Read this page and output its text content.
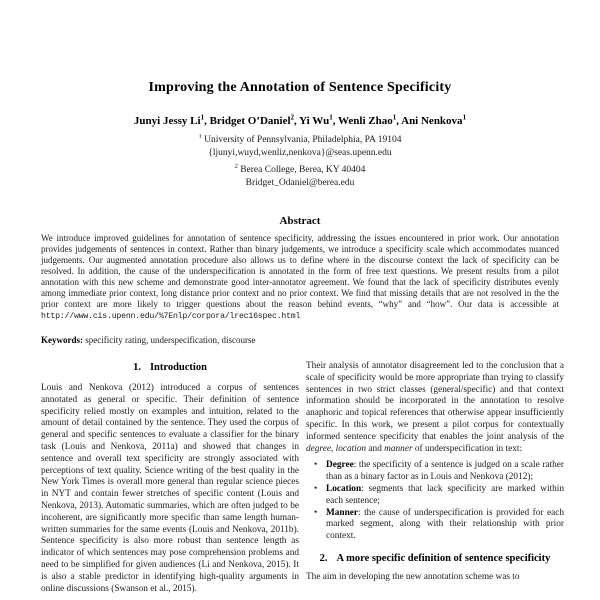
Improving the Annotation of Sentence Specificity
Junyi Jessy Li$^1$, Bridget O’Daniel$^2$, Yi Wu$^1$, Wenli Zhao$^1$, Ani Nenkova$^1$
$^1$ University of Pennsylvania, Philadelphia, PA 19104
{ljunyi,wuyd,wenliz,nenkova}@seas.upenn.edu
$^2$ Berea College, Berea, KY 40404
Bridget_Odaniel@berea.edu
Abstract

We introduce improved guidelines for annotation of sentence specificity, addressing the issues encountered in prior work. Our annotation provides judgements of sentences in context. Rather than binary judgements, we introduce a specificity scale which accommodates nuanced judgements. Our augmented annotation procedure also allows us to define where in the discourse context the lack of specificity can be resolved. In addition, the cause of the underspecification is annotated in the form of free text questions. We present results from a pilot annotation with this new scheme and demonstrate good inter-annotator agreement. We found that the lack of specificity distributes evenly among immediate prior context, long distance prior context and no prior context. We find that missing details that are not resolved in the the prior context are more likely to trigger questions about the reason behind events, “why” and “how”. Our data is accessible at http://www.cis.upenn.edu/%7Enlp/corpora/lrec16spec.html

Keywords: specificity rating, underspecification, discourse

1. Introduction

Louis and Nenkova (2012) introduced a corpus of sentences annotated as general or specific. Their definition of sentence specificity relied mostly on examples and intuition, related to the amount of detail contained by the sentence. They used the corpus of general and specific sentences to evaluate a classifier for the binary task (Louis and Nenkova, 2011a) and showed that changes in sentence and overall text specificity are strongly associated with perceptions of text quality. Science writing of the best quality in the New York Times is overall more general than regular science pieces in NYT and contain fewer stretches of specific content (Louis and Nenkova, 2013). Automatic summaries, which are often judged to be incoherent, are significantly more specific than same length human-written summaries for the same events (Louis and Nenkova, 2011b). Sentence specificity is also more robust than sentence length as indicator of which sentences may pose comprehension problems and need to be simplified for given audiences (Li and Nenkova, 2015). It is also a stable predictor in identifying high-quality arguments in online discussions (Swanson et al., 2015).

Their analysis of annotator disagreement led to the conclusion that a scale of specificity would be more appropriate than trying to classify sentences in two strict classes (general/specific) and that context information should be incorporated in the annotation to resolve anaphoric and topical references that otherwise appear insufficiently specific. In this work, we present a pilot corpus for contextually informed sentence specificity that enables the joint analysis of the degree, location and manner of underspecification in text:

• Degree: the specificity of a sentence is judged on a scale rather than as a binary factor as in Louis and Nenkova (2012);
• Location: segments that lack specificity are marked within each sentence;
• Manner: the cause of underspecification is provided for each marked segment, along with their relationship with prior context.
2. A more specific definition of sentence specificity

The aim in developing the new annotation scheme was to
